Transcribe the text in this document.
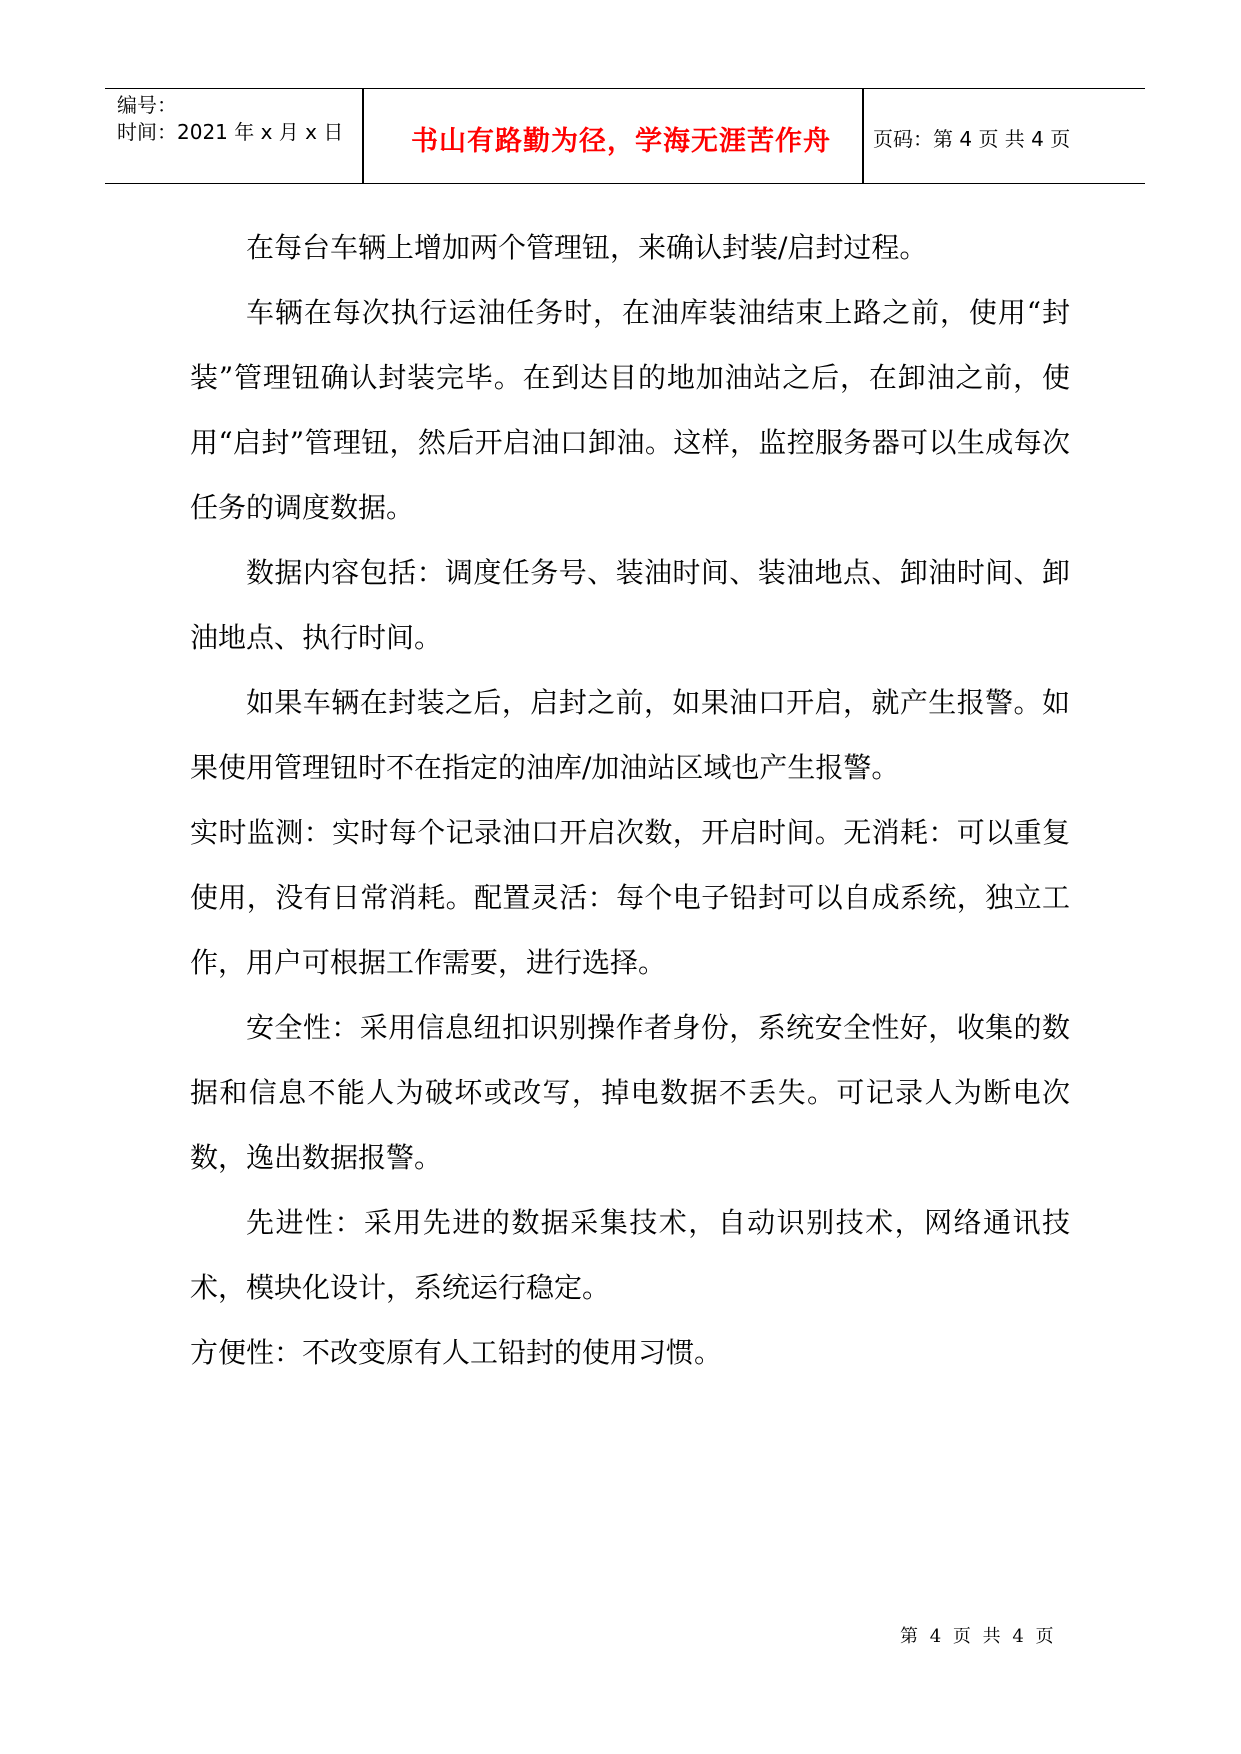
编号：
时间：2021 年 x 月 x 日	书山有路勤为径，学海无涯苦作舟	页码：第 4 页 共 4 页

在每台车辆上增加两个管理钮，来确认封装/启封过程。

车辆在每次执行运油任务时，在油库装油结束上路之前，使用“封装”管理钮确认封装完毕。在到达目的地加油站之后，在卸油之前，使用“启封”管理钮，然后开启油口卸油。这样，监控服务器可以生成每次任务的调度数据。

数据内容包括：调度任务号、装油时间、装油地点、卸油时间、卸油地点、执行时间。

如果车辆在封装之后，启封之前，如果油口开启，就产生报警。如果使用管理钮时不在指定的油库/加油站区域也产生报警。

实时监测：实时每个记录油口开启次数，开启时间。无消耗：可以重复使用，没有日常消耗。配置灵活：每个电子铅封可以自成系统，独立工作，用户可根据工作需要，进行选择。

安全性：采用信息纽扣识别操作者身份，系统安全性好，收集的数据和信息不能人为破坏或改写，掉电数据不丢失。可记录人为断电次数，逸出数据报警。

先进性：采用先进的数据采集技术，自动识别技术，网络通讯技术，模块化设计，系统运行稳定。

方便性：不改变原有人工铅封的使用习惯。

第 4 页 共 4 页
